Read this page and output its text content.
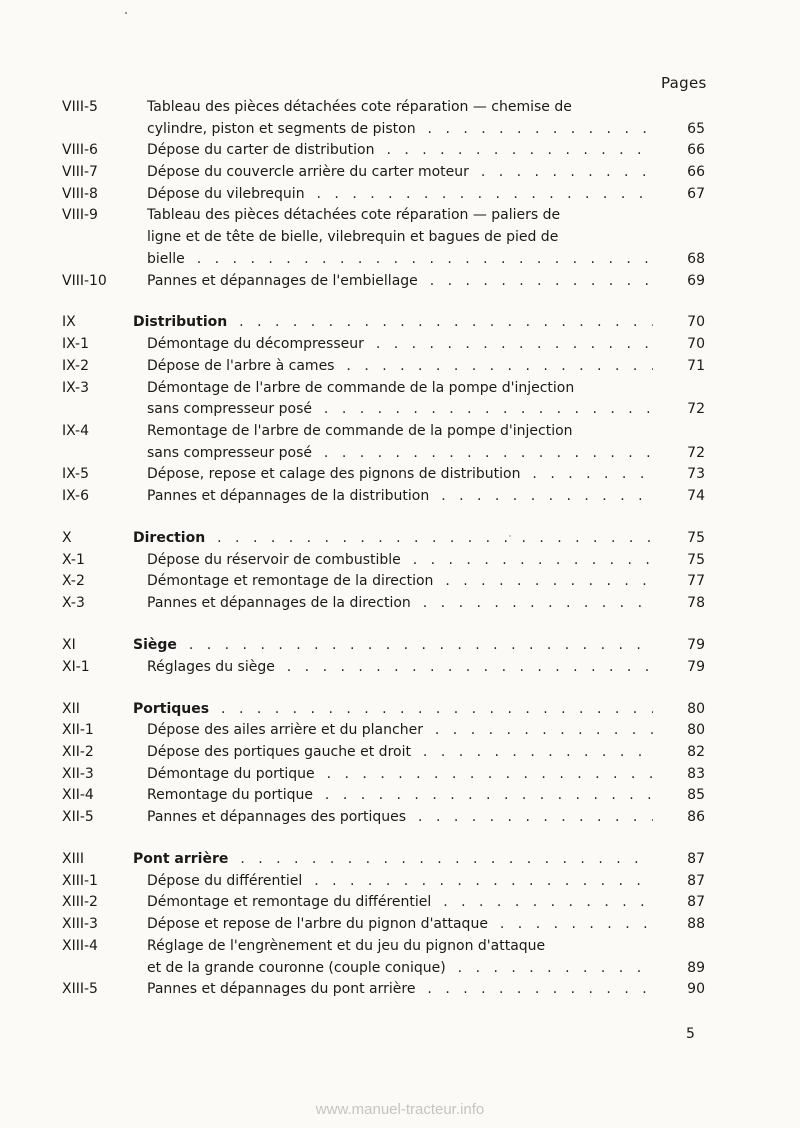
Pages
VIII-5	Tableau des pièces détachées cote réparation — chemise de
cylindre, piston et segments de piston . . .	65
VIII-6	Dépose du carter de distribution . . .	66
VIII-7	Dépose du couvercle arrière du carter moteur . . .	66
VIII-8	Dépose du vilebrequin . . .	67
VIII-9	Tableau des pièces détachées cote réparation — paliers de
ligne et de tête de bielle, vilebrequin et bagues de pied de
bielle . . .	68
VIII-10	Pannes et dépannages de l'embiellage . . .	69
IX	Distribution . . .	70
IX-1	Démontage du décompresseur . . .	70
IX-2	Dépose de l'arbre à cames . . .	71
IX-3	Démontage de l'arbre de commande de la pompe d'injection
sans compresseur posé . . .	72
IX-4	Remontage de l'arbre de commande de la pompe d'injection
sans compresseur posé . . .	72
IX-5	Dépose, repose et calage des pignons de distribution . . .	73
IX-6	Pannes et dépannages de la distribution . . .	74
X	Direction . . .	75
X-1	Dépose du réservoir de combustible . . .	75
X-2	Démontage et remontage de la direction . . .	77
X-3	Pannes et dépannages de la direction . . .	78
XI	Siège . . .	79
XI-1	Réglages du siège . . .	79
XII	Portiques . . .	80
XII-1	Dépose des ailes arrière et du plancher . . .	80
XII-2	Dépose des portiques gauche et droit . . .	82
XII-3	Démontage du portique . . .	83
XII-4	Remontage du portique . . .	85
XII-5	Pannes et dépannages des portiques . . .	86
XIII	Pont arrière . . .	87
XIII-1	Dépose du différentiel . . .	87
XIII-2	Démontage et remontage du différentiel . . .	87
XIII-3	Dépose et repose de l'arbre du pignon d'attaque . . .	88
XIII-4	Réglage de l'engrènement et du jeu du pignon d'attaque
et de la grande couronne (couple conique) . . .	89
XIII-5	Pannes et dépannages du pont arrière . . .	90
5
www.manuel-tracteur.info
